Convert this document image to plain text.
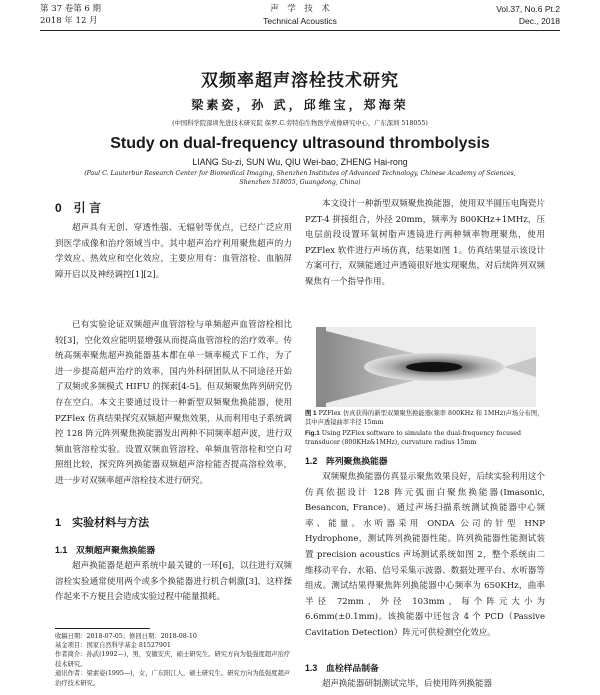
第 37 卷第 6 期
2018 年 12 月
声　学　技　术
Technical Acoustics
Vol.37, No.6 Pt.2
Dec., 2018
双频率超声溶栓技术研究
梁素姿，孙 武，邱维宝，郑海荣
(中国科学院深圳先进技术研究院 保罗.C.劳特伯生物医学成像研究中心，广东深圳 518055)
Study on dual-frequency ultrasound thrombolysis
LIANG Su-zi, SUN Wu, QIU Wei-bao, ZHENG Hai-rong
(Paul C. Lauterbur Research Center for Biomedical Imaging, Shenzhen Institutes of Advanced Technology, Chinese Academy of Sciences, Shenzhen 518055, Guangdong, China)
0　引 言
超声具有无创、穿透性强、无辐射等优点，已经广泛应用到医学成像和治疗领域当中。其中超声治疗利用聚焦超声的力学效应、热效应和空化效应，主要应用有：血管溶栓、血脑屏障开启以及神经调控[1][2]。
已有实验论证双频超声血管溶栓与单频超声血管溶栓相比较[3]，空化效应能明显增强从而提高血管溶栓的治疗效率。传统高频率聚焦超声换能器基本都在单一频率模式下工作，为了进一步提高超声治疗的效率，国内外科研团队从不同途径开始了双频或多频模式 HIFU 的探索[4-5]。但双频聚焦阵列研究仍存在空白。本文主要通过设计一种新型双频聚焦换能器，使用 PZFlex 仿真结果探究双频超声聚焦效果，从而利用电子系统调控 128 阵元阵列聚焦换能器发出两种不同频率超声波，进行双频血管溶栓实验。设置双频血管溶栓、单频血管溶栓和空白对照组比较，探究阵列换能器双频超声溶栓能否提高溶栓效率，进一步对双频率超声溶栓技术进行研究。
1　实验材料与方法
1.1　双频超声聚焦换能器
超声换能器是超声系统中最关键的一环[6]，以往进行双频溶栓实验通常使用两个或多个换能器进行机合刺激[3]，这样操作起来不方便且会造成实验过程中能量损耗。
收稿日期：2018-07-05；修回日期：2018-08-10
基金项目：国家自然科学基金 81527901
作者简介：孙武(1992—)，男，安徽安庆，硕士研究生。研究方向为低强度超声治疗技术研究。
通讯作者：梁素姿(1995—)，女，广东阳江人，硕士研究生。研究方向为低强度超声治疗技术研究。
本文设计一种新型双频聚焦换能器，使用双半圆压电陶瓷片 PZT-4 拼接组合，外径 20mm，频率为 800KHz+1MHz，压电层前段设置环氧树脂声透镜进行两种频率物理聚焦，使用 PZFlex 软件进行声场仿真，结果如图 1。仿真结果显示该设计方案可行，双频能通过声透镜很好地实现聚焦，对后续阵列双频聚焦有一个指导作用。
图 1 PZFlex 仿真获得的新型双频聚焦换能器(频率 800KHz 和 1MHz)声场分布图，其中声透镜曲率半径 15mm
Fig.1 Using PZFlex software to simulate the dual-frequency focused transducer (800KHz&1MHz), curvature radius 15mm
1.2　阵列聚焦换能器
双频聚焦换能器仿真显示聚焦效果良好，后续实验利用这个仿真依据设计 128 阵元弧面白聚焦换能器(Imasonic, Besancon, France)。通过声场扫描系统测试换能器中心频率、能量。水听器采用 ONDA 公司的针型 HNP Hydrophone，测试阵列换能器性能。阵列换能器性能测试装置 precision acoustics 声场测试系统如图 2，整个系统由二维移动平台、水箱、信号采集示波器、数据处理平台、水听器等组成。测试结果得聚焦阵列换能器中心频率为 650KHz，曲率半径 72mm，外径 103mm，每个阵元大小为 6.6mm(±0.1mm)。该换能器中还包含 4 个 PCD（Passive Cavitation Detection）阵元可供检测空化效应。
1.3　血栓样品制备
超声换能器研制测试完毕，后使用阵列换能器
